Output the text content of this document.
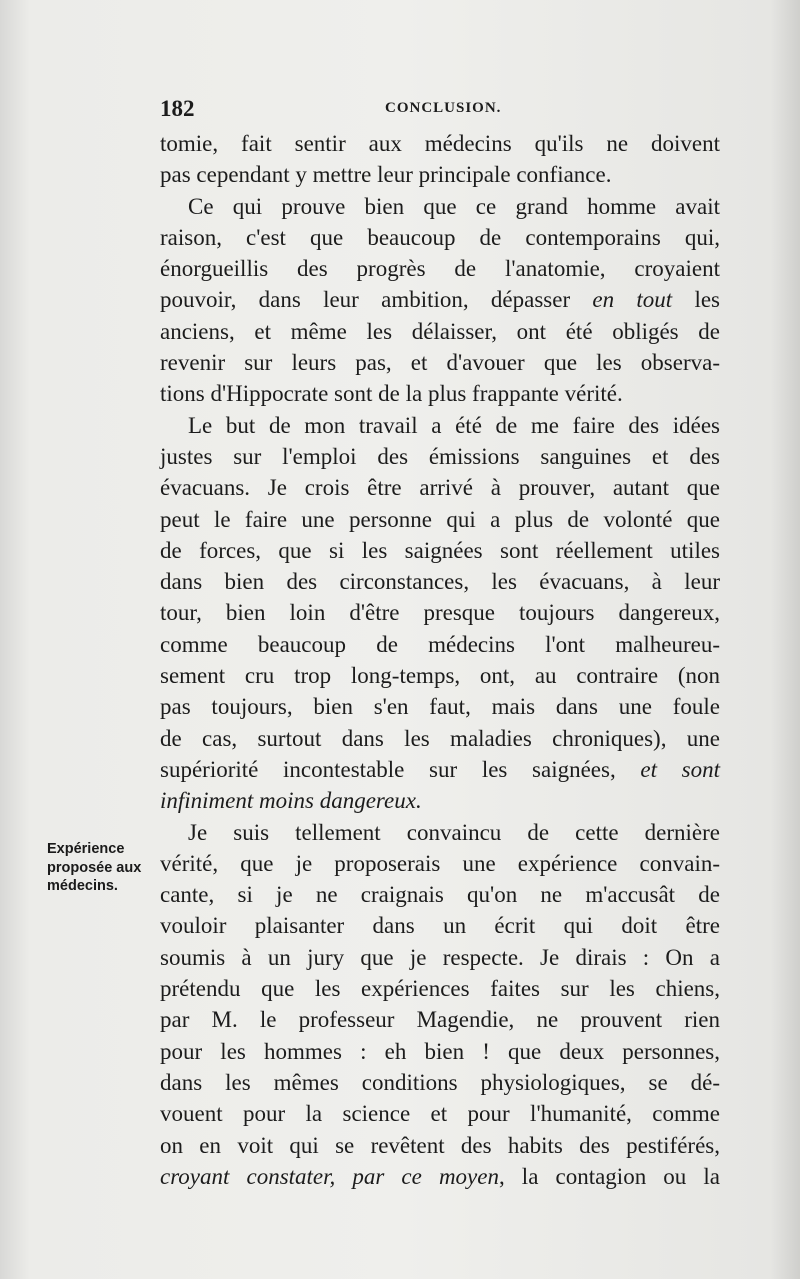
182	CONCLUSION.
Expérience
proposée aux
médecins.
tomie, fait sentir aux médecins qu'ils ne doivent
pas cependant y mettre leur principale confiance.
Ce qui prouve bien que ce grand homme avait
raison, c'est que beaucoup de contemporains qui,
énorgueillis des progrès de l'anatomie, croyaient
pouvoir, dans leur ambition, dépasser en tout les
anciens, et même les délaisser, ont été obligés de
revenir sur leurs pas, et d'avouer que les observa-
tions d'Hippocrate sont de la plus frappante vérité.
Le but de mon travail a été de me faire des idées
justes sur l'emploi des émissions sanguines et des
évacuans. Je crois être arrivé à prouver, autant que
peut le faire une personne qui a plus de volonté que
de forces, que si les saignées sont réellement utiles
dans bien des circonstances, les évacuans, à leur
tour, bien loin d'être presque toujours dangereux,
comme beaucoup de médecins l'ont malheureu-
sement cru trop long-temps, ont, au contraire (non
pas toujours, bien s'en faut, mais dans une foule
de cas, surtout dans les maladies chroniques), une
supériorité incontestable sur les saignées, et sont
infiniment moins dangereux.
Je suis tellement convaincu de cette dernière
vérité, que je proposerais une expérience convain-
cante, si je ne craignais qu'on ne m'accusât de
vouloir plaisanter dans un écrit qui doit être
soumis à un jury que je respecte. Je dirais : On a
prétendu que les expériences faites sur les chiens,
par M. le professeur Magendie, ne prouvent rien
pour les hommes : eh bien ! que deux personnes,
dans les mêmes conditions physiologiques, se dé-
vouent pour la science et pour l'humanité, comme
on en voit qui se revêtent des habits des pestiférés,
croyant constater, par ce moyen, la contagion ou la
